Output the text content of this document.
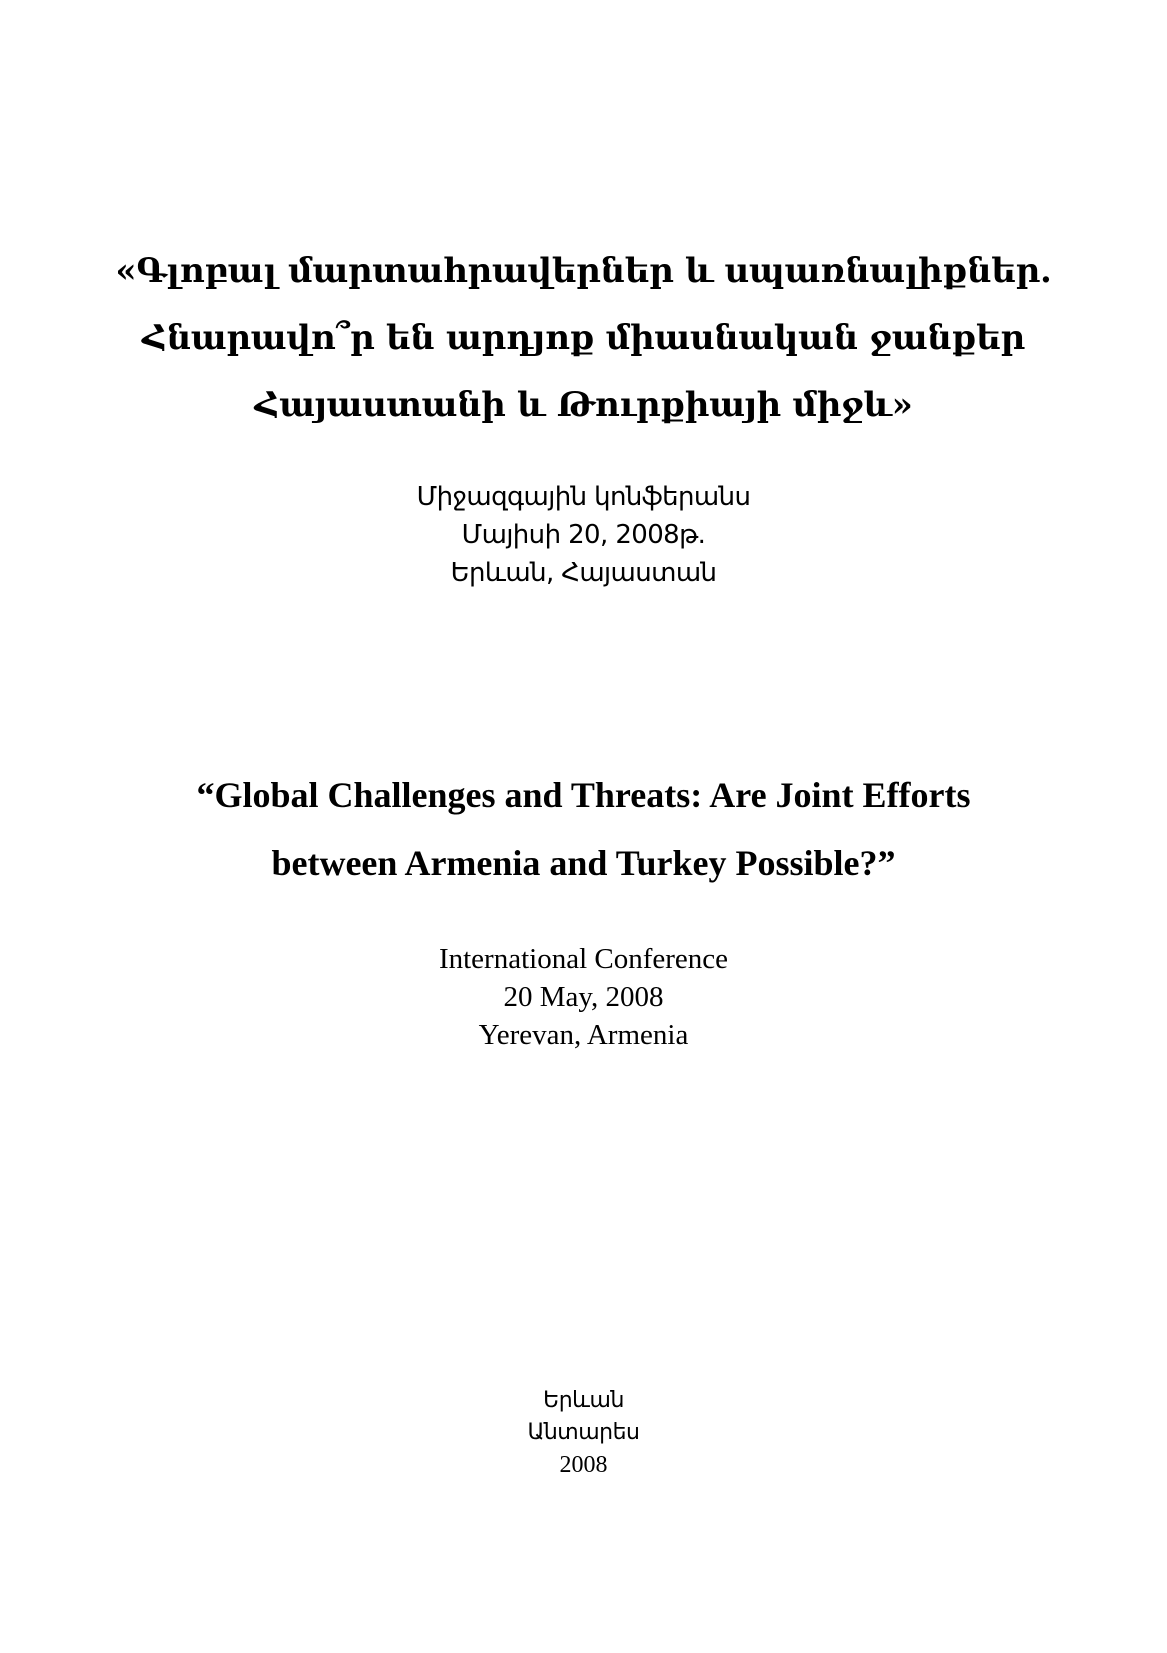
«Գլոբալ մարտահրավերներ և սպառնալիքներ.
Հնարավո՞ր են արդյոք միասնական ջանքեր
Հայաստանի և Թուրքիայի միջև»
Միջազգային կոնֆերանս
Մայիսի 20, 2008թ.
Երևան, Հայաստան
“Global Challenges and Threats: Are Joint Efforts
between Armenia and Turkey Possible?”
International Conference
20 May, 2008
Yerevan, Armenia
Երևան
Անտարես
2008
